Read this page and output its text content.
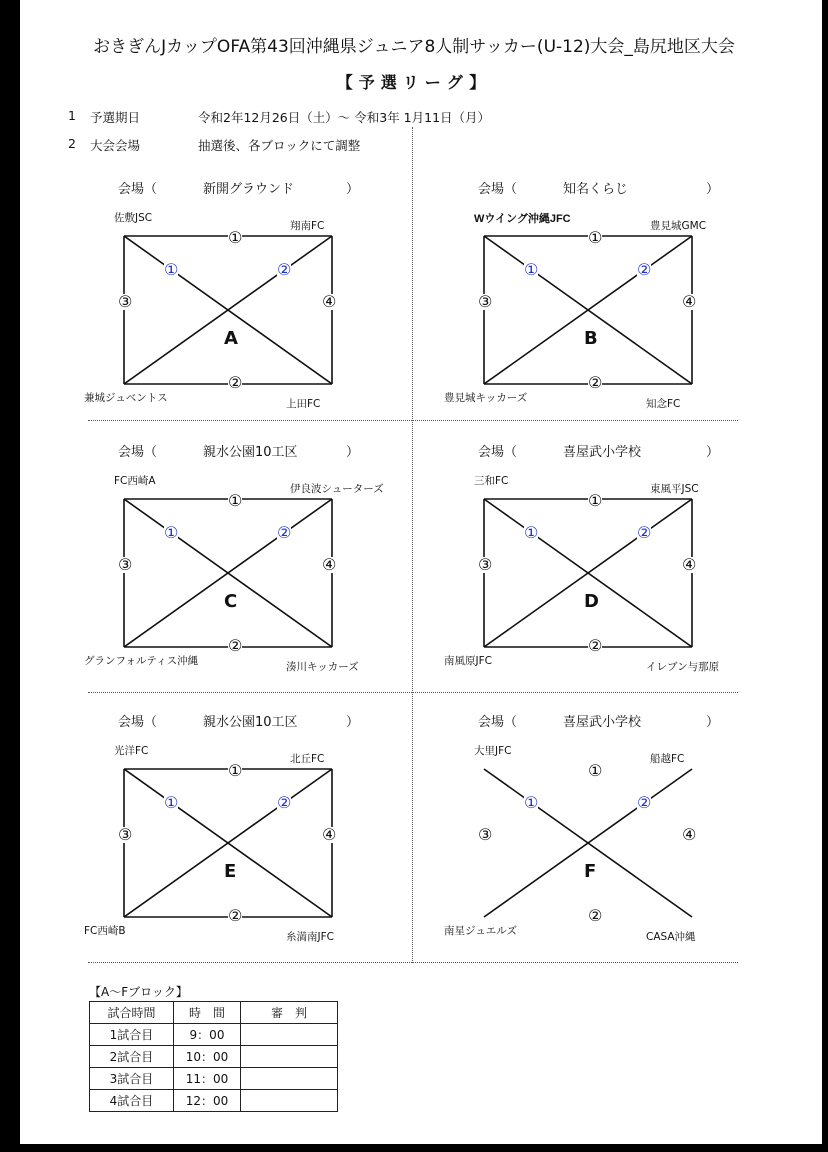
おきぎんJカップOFA第43回沖縄県ジュニア8人制サッカー(U-12)大会_島尻地区大会
【予選リーグ】
1 予選期日	令和2年12月26日（土）～ 令和3年 1月11日（月）
2 大会会場	抽選後、各ブロックにて調整
会場（	新開グラウンド	）
①
②
③	④
①	②
A
佐敷JSC
翔南FC
兼城ジュベントス	上田FC
会場（	知名くらじ	）
①
②
③	④
①	②
B
Wウイング沖縄JFC
豊見城GMC
豊見城キッカーズ	知念FC
会場（	親水公園10工区	）
①
②
③	④
①	②
C
FC西崎A
伊良波シューターズ
グランフォルティス沖縄	湊川キッカーズ
会場（	喜屋武小学校	）
①
②
③	④
①	②
D
三和FC
東風平JSC
南風原JFC	イレブン与那原
会場（	親水公園10工区	）
①
②
③	④
①	②
E
光洋FC
北丘FC
FC西崎B	糸満南JFC
会場（	喜屋武小学校	）
①
②
③	④
①	②
F
大里JFC
船越FC
南星ジュエルズ	CASA沖縄
【A～Fブロック】
試合時間	時　間	審　判
1試合目	9：00	
2試合目	10：00	
3試合目	11：00	
4試合目	12：00	
